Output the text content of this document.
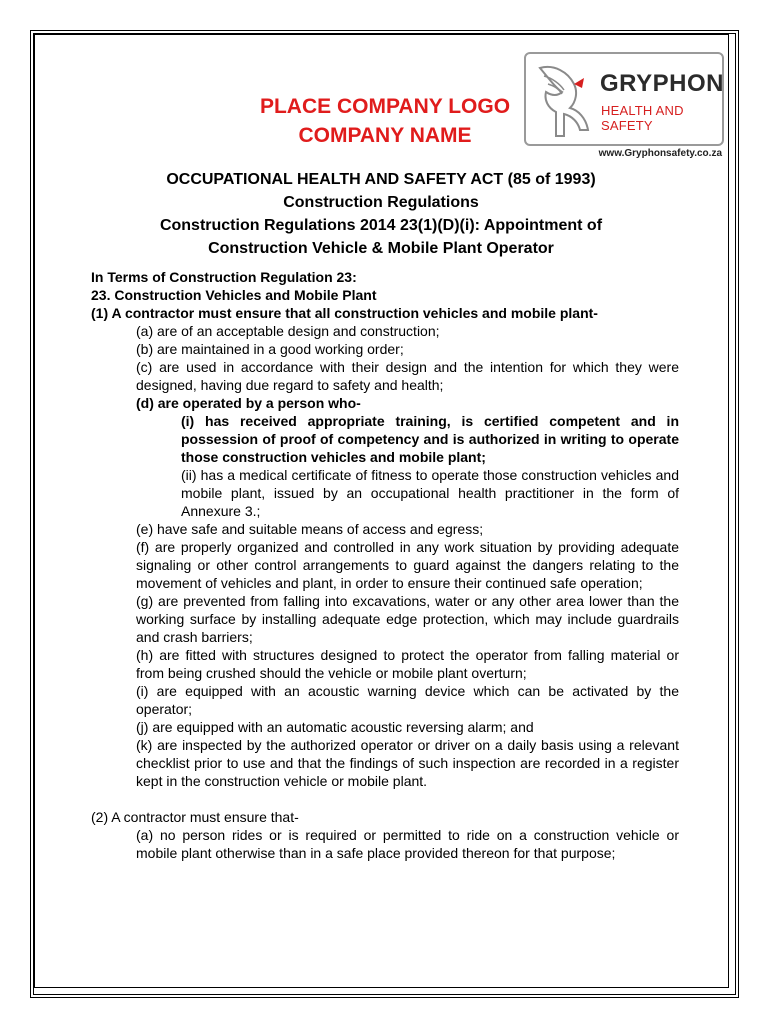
PLACE COMPANY LOGO
COMPANY NAME
GRYPHON
HEALTH AND SAFETY
www.Gryphonsafety.co.za
OCCUPATIONAL HEALTH AND SAFETY ACT (85 of 1993)
Construction Regulations
Construction Regulations 2014 23(1)(D)(i): Appointment of
Construction Vehicle & Mobile Plant Operator

In Terms of Construction Regulation 23:

23. Construction Vehicles and Mobile Plant

(1) A contractor must ensure that all construction vehicles and mobile plant-

(a) are of an acceptable design and construction;

(b) are maintained in a good working order;

(c) are used in accordance with their design and the intention for which they were designed, having due regard to safety and health;

(d) are operated by a person who-

(i) has received appropriate training, is certified competent and in possession of proof of competency and is authorized in writing to operate those construction vehicles and mobile plant;

(ii) has a medical certificate of fitness to operate those construction vehicles and mobile plant, issued by an occupational health practitioner in the form of Annexure 3.;

(e) have safe and suitable means of access and egress;

(f) are properly organized and controlled in any work situation by providing adequate signaling or other control arrangements to guard against the dangers relating to the movement of vehicles and plant, in order to ensure their continued safe operation;

(g) are prevented from falling into excavations, water or any other area lower than the working surface by installing adequate edge protection, which may include guardrails and crash barriers;

(h) are fitted with structures designed to protect the operator from falling material or from being crushed should the vehicle or mobile plant overturn;

(i) are equipped with an acoustic warning device which can be activated by the operator;

(j) are equipped with an automatic acoustic reversing alarm; and

(k) are inspected by the authorized operator or driver on a daily basis using a relevant checklist prior to use and that the findings of such inspection are recorded in a register kept in the construction vehicle or mobile plant.

(2) A contractor must ensure that-

(a) no person rides or is required or permitted to ride on a construction vehicle or mobile plant otherwise than in a safe place provided thereon for that purpose;
